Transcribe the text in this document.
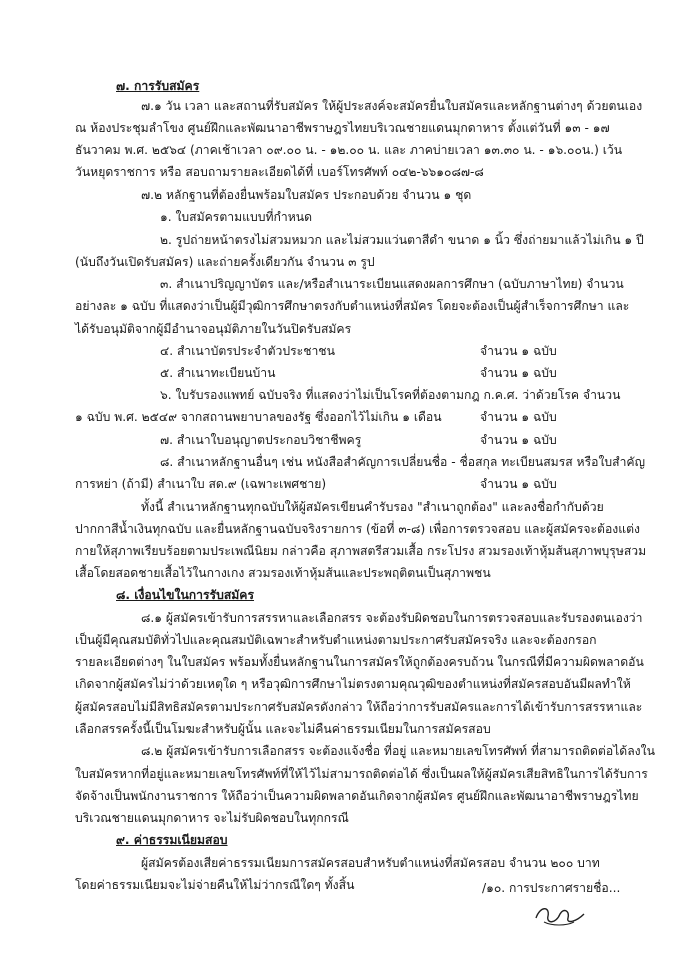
๗. การรับสมัคร
๗.๑ วัน เวลา และสถานที่รับสมัคร ให้ผู้ประสงค์จะสมัครยื่นใบสมัครและหลักฐานต่างๆ ด้วยตนเอง
ณ ห้องประชุมลำโขง ศูนย์ฝึกและพัฒนาอาชีพราษฎรไทยบริเวณชายแดนมุกดาหาร ตั้งแต่วันที่ ๑๓ - ๑๗
ธันวาคม พ.ศ. ๒๕๖๔ (ภาคเช้าเวลา ๐๙.๐๐ น. - ๑๒.๐๐ น. และ ภาคบ่ายเวลา ๑๓.๓๐ น. - ๑๖.๐๐น.) เว้น
วันหยุดราชการ หรือ สอบถามรายละเอียดได้ที่ เบอร์โทรศัพท์ ๐๔๒-๖๖๑๐๘๗-๘
๗.๒ หลักฐานที่ต้องยื่นพร้อมใบสมัคร ประกอบด้วย จำนวน ๑ ชุด
๑. ใบสมัครตามแบบที่กำหนด
๒. รูปถ่ายหน้าตรงไม่สวมหมวก และไม่สวมแว่นตาสีดำ ขนาด ๑ นิ้ว ซึ่งถ่ายมาแล้วไม่เกิน ๑ ปี
(นับถึงวันเปิดรับสมัคร) และถ่ายครั้งเดียวกัน จำนวน ๓ รูป
๓. สำเนาปริญญาบัตร และ/หรือสำเนาระเบียนแสดงผลการศึกษา (ฉบับภาษาไทย) จำนวน
อย่างละ ๑ ฉบับ ที่แสดงว่าเป็นผู้มีวุฒิการศึกษาตรงกับตำแหน่งที่สมัคร โดยจะต้องเป็นผู้สำเร็จการศึกษา และ
ได้รับอนุมัติจากผู้มีอำนาจอนุมัติภายในวันปิดรับสมัคร
๔. สำเนาบัตรประจำตัวประชาชน	จำนวน ๑ ฉบับ
๕. สำเนาทะเบียนบ้าน	จำนวน ๑ ฉบับ
๖. ใบรับรองแพทย์ ฉบับจริง ที่แสดงว่าไม่เป็นโรคที่ต้องตามกฎ ก.ค.ศ. ว่าด้วยโรค จำนวน
๑ ฉบับ พ.ศ. ๒๕๔๙ จากสถานพยาบาลของรัฐ ซึ่งออกไว้ไม่เกิน ๑ เดือน	จำนวน ๑ ฉบับ
๗. สำเนาใบอนุญาตประกอบวิชาชีพครู	จำนวน ๑ ฉบับ
๘. สำเนาหลักฐานอื่นๆ เช่น หนังสือสำคัญการเปลี่ยนชื่อ - ชื่อสกุล ทะเบียนสมรส หรือใบสำคัญ
การหย่า (ถ้ามี) สำเนาใบ สด.๙ (เฉพาะเพศชาย)	จำนวน ๑ ฉบับ
ทั้งนี้ สำเนาหลักฐานทุกฉบับให้ผู้สมัครเขียนคำรับรอง "สำเนาถูกต้อง" และลงชื่อกำกับด้วย
ปากกาสีน้ำเงินทุกฉบับ และยื่นหลักฐานฉบับจริงรายการ (ข้อที่ ๓-๘) เพื่อการตรวจสอบ และผู้สมัครจะต้องแต่ง
กายให้สุภาพเรียบร้อยตามประเพณีนิยม กล่าวคือ สุภาพสตรีสวมเสื้อ กระโปรง สวมรองเท้าหุ้มส้นสุภาพบุรุษสวม
เสื้อโดยสอดชายเสื้อไว้ในกางเกง สวมรองเท้าหุ้มส้นและประพฤติตนเป็นสุภาพชน
๘. เงื่อนไขในการรับสมัคร
๘.๑ ผู้สมัครเข้ารับการสรรหาและเลือกสรร จะต้องรับผิดชอบในการตรวจสอบและรับรองตนเองว่า
เป็นผู้มีคุณสมบัติทั่วไปและคุณสมบัติเฉพาะสำหรับตำแหน่งตามประกาศรับสมัครจริง และจะต้องกรอก
รายละเอียดต่างๆ ในใบสมัคร พร้อมทั้งยื่นหลักฐานในการสมัครให้ถูกต้องครบถ้วน ในกรณีที่มีความผิดพลาดอัน
เกิดจากผู้สมัครไม่ว่าด้วยเหตุใด ๆ หรือวุฒิการศึกษาไม่ตรงตามคุณวุฒิของตำแหน่งที่สมัครสอบอันมีผลทำให้
ผู้สมัครสอบไม่มีสิทธิสมัครตามประกาศรับสมัครดังกล่าว ให้ถือว่าการรับสมัครและการได้เข้ารับการสรรหาและ
เลือกสรรครั้งนี้เป็นโมฆะสำหรับผู้นั้น และจะไม่คืนค่าธรรมเนียมในการสมัครสอบ
๘.๒ ผู้สมัครเข้ารับการเลือกสรร จะต้องแจ้งชื่อ ที่อยู่ และหมายเลขโทรศัพท์ ที่สามารถติดต่อได้ลงใน
ใบสมัครหากที่อยู่และหมายเลขโทรศัพท์ที่ให้ไว้ไม่สามารถติดต่อได้ ซึ่งเป็นผลให้ผู้สมัครเสียสิทธิในการได้รับการ
จัดจ้างเป็นพนักงานราชการ ให้ถือว่าเป็นความผิดพลาดอันเกิดจากผู้สมัคร ศูนย์ฝึกและพัฒนาอาชีพราษฎรไทย
บริเวณชายแดนมุกดาหาร จะไม่รับผิดชอบในทุกกรณี
๙. ค่าธรรมเนียมสอบ
ผู้สมัครต้องเสียค่าธรรมเนียมการสมัครสอบสำหรับตำแหน่งที่สมัครสอบ จำนวน ๒๐๐ บาท
โดยค่าธรรมเนียมจะไม่จ่ายคืนให้ไม่ว่ากรณีใดๆ ทั้งสิ้น	/๑๐. การประกาศรายชื่อ...
